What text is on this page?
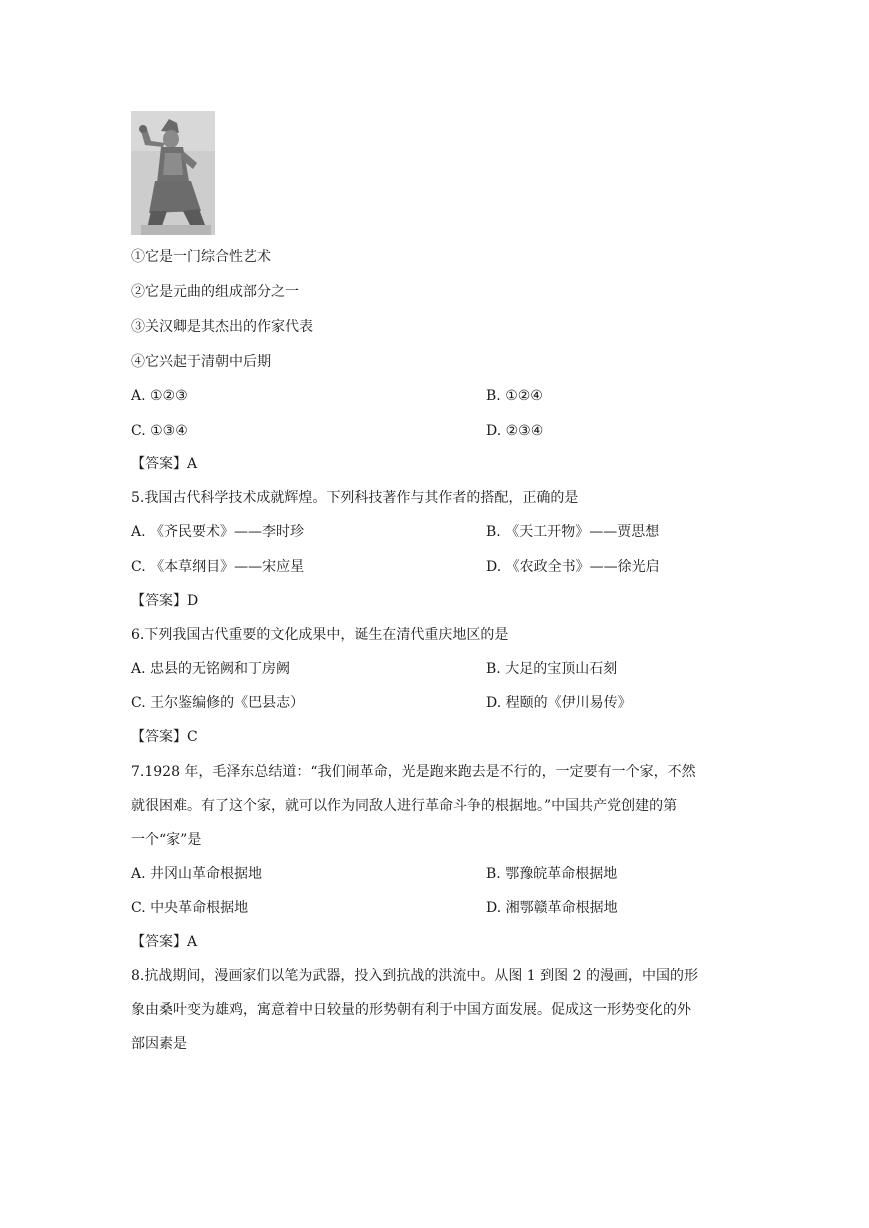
①它是一门综合性艺术
②它是元曲的组成部分之一
③关汉卿是其杰出的作家代表
④它兴起于清朝中后期
A. ①②③	B. ①②④
C. ①③④	D. ②③④
【答案】A
5.我国古代科学技术成就辉煌。下列科技著作与其作者的搭配，正确的是
A. 《齐民要术》——李时珍	B. 《天工开物》——贾思想
C. 《本草纲目》——宋应星	D. 《农政全书》——徐光启
【答案】D
6.下列我国古代重要的文化成果中，诞生在清代重庆地区的是
A. 忠县的无铭阙和丁房阙	B. 大足的宝顶山石刻
C. 王尔鉴编修的《巴县志）	D. 程颐的《伊川易传》
【答案】C
7.1928 年，毛泽东总结道：“我们闹革命，光是跑来跑去是不行的，一定要有一个家，不然
就很困难。有了这个家，就可以作为同敌人进行革命斗争的根据地。”中国共产党创建的第
一个“家”是
A. 井冈山革命根据地	B. 鄂豫皖革命根据地
C. 中央革命根据地	D. 湘鄂赣革命根据地
【答案】A
8.抗战期间，漫画家们以笔为武器，投入到抗战的洪流中。从图 1 到图 2 的漫画，中国的形
象由桑叶变为雄鸡，寓意着中日较量的形势朝有利于中国方面发展。促成这一形势变化的外
部因素是
